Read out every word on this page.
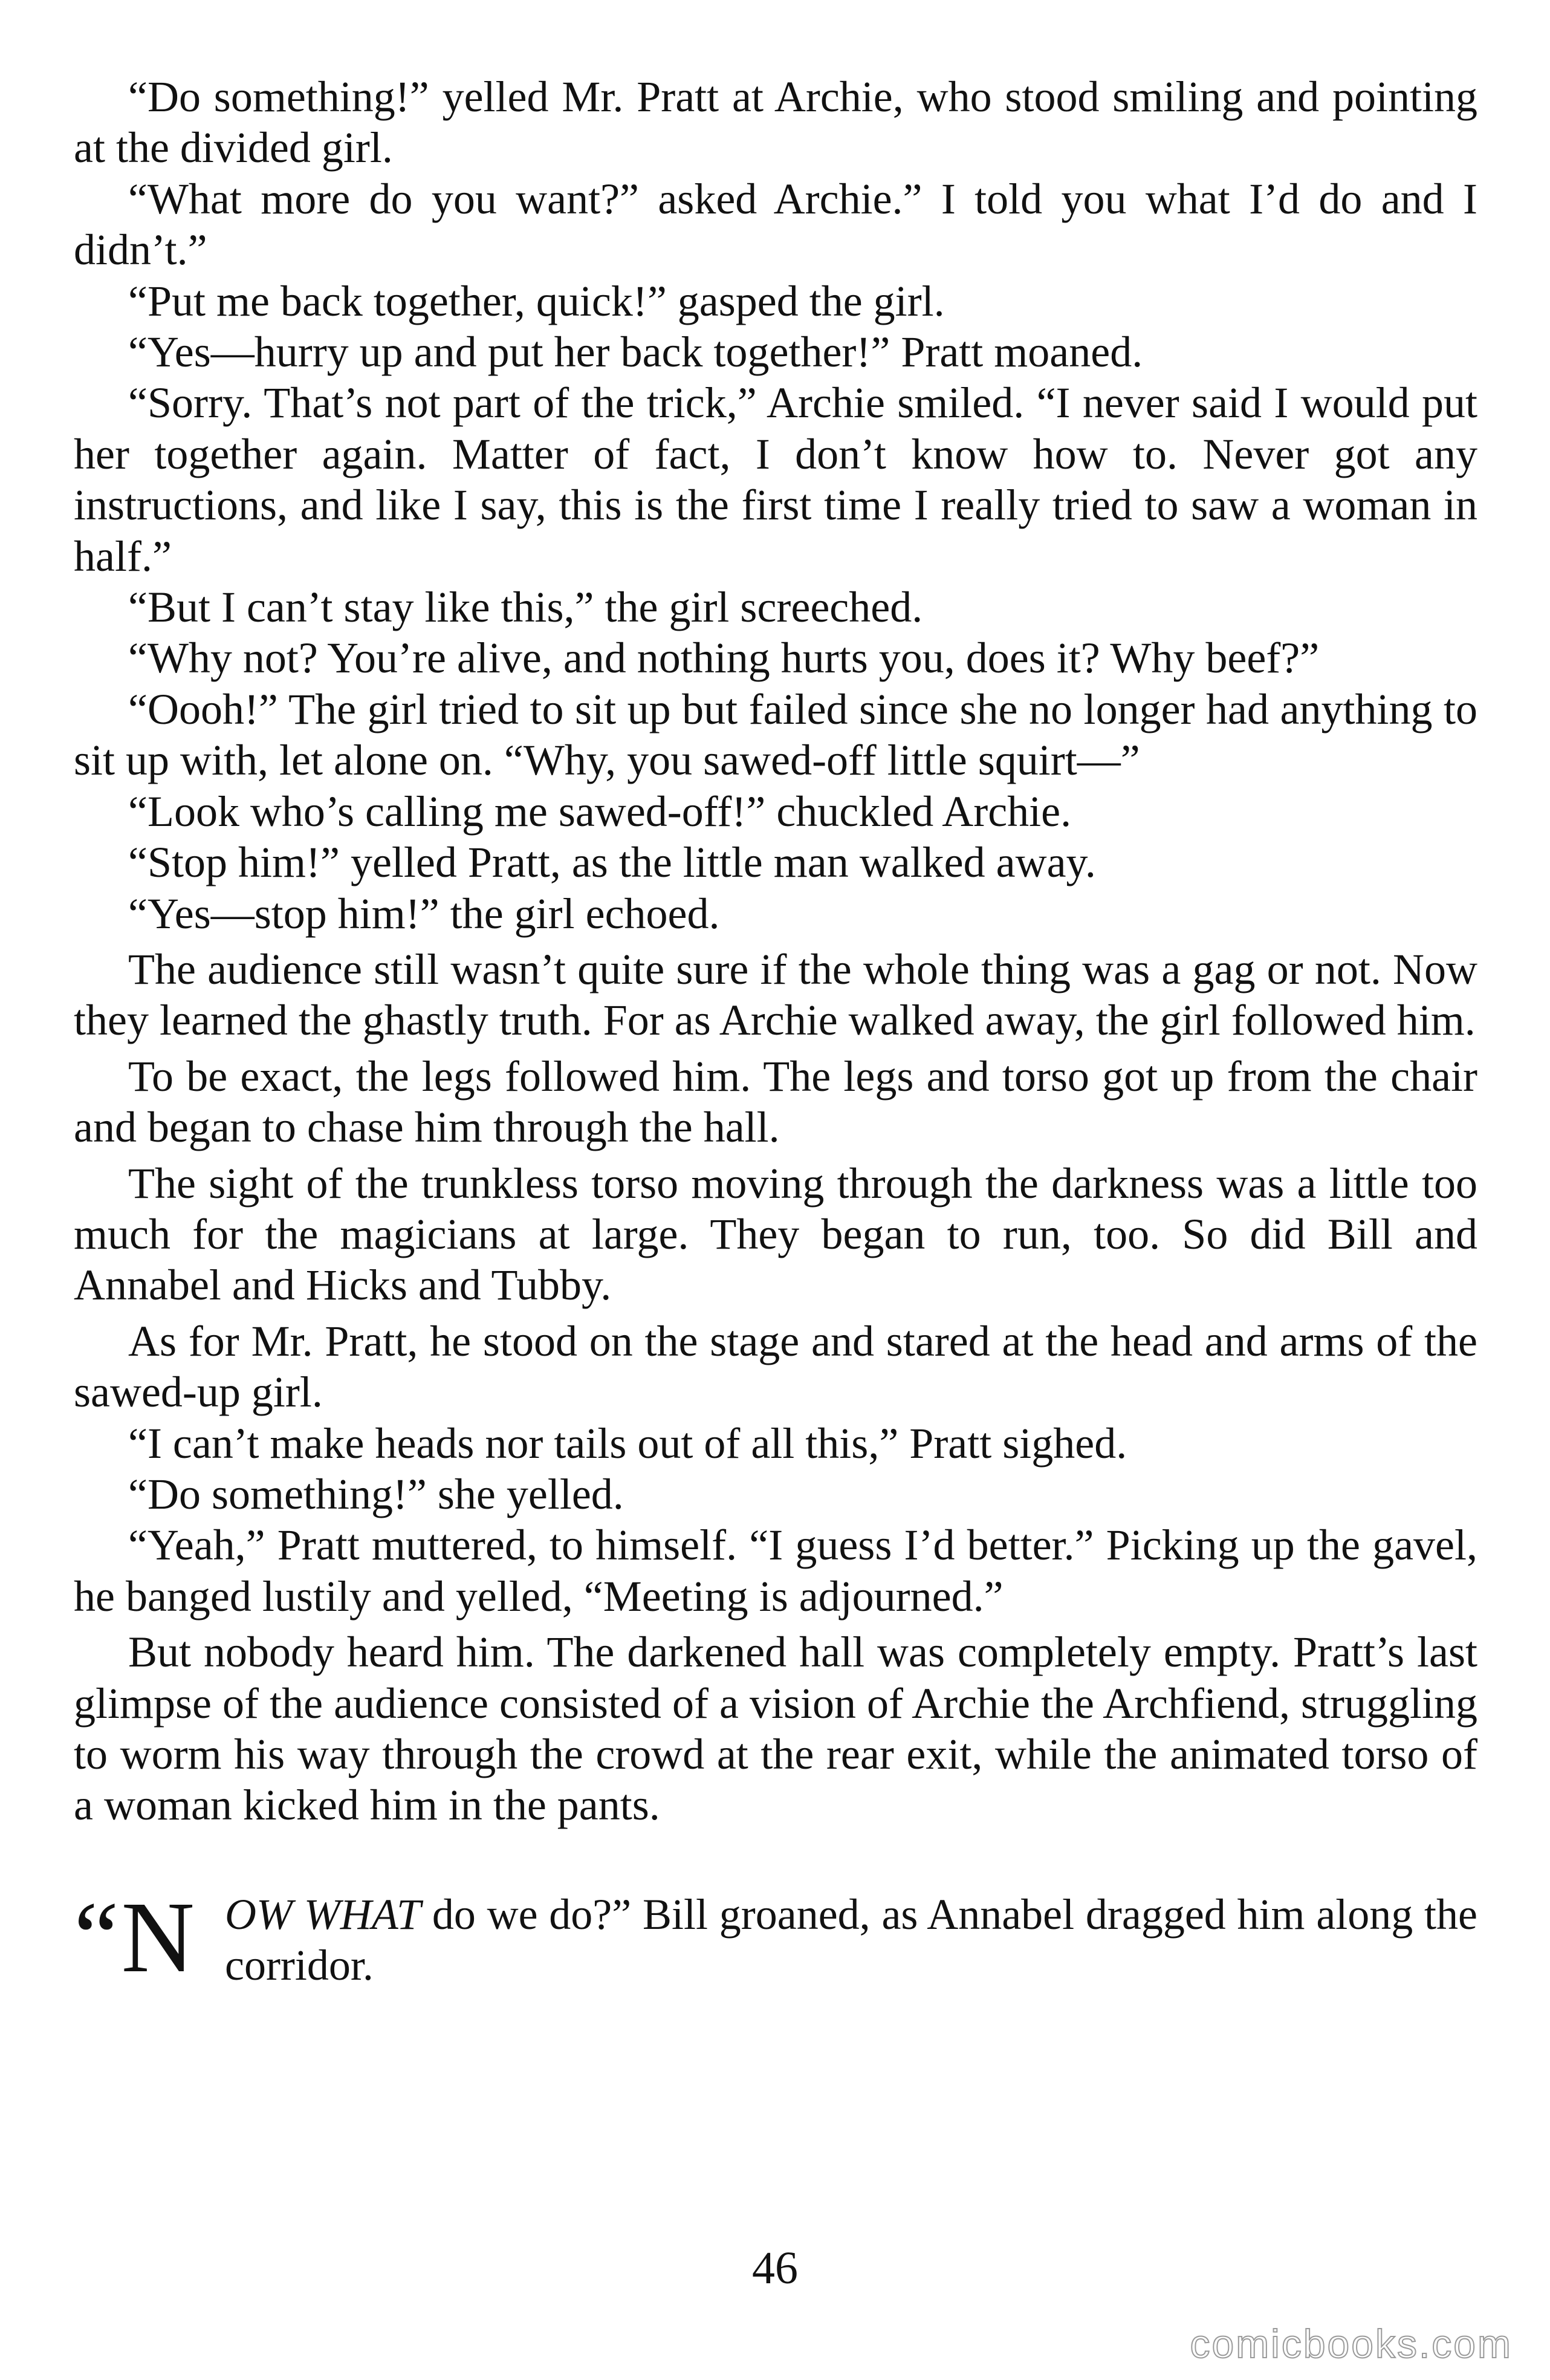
“Do something!” yelled Mr. Pratt at Archie, who stood smiling and pointing at the divided girl.

“What more do you want?” asked Archie.” I told you what I’d do and I didn’t.”

“Put me back together, quick!” gasped the girl.

“Yes—hurry up and put her back together!” Pratt moaned.

“Sorry. That’s not part of the trick,” Archie smiled. “I never said I would put her together again. Matter of fact, I don’t know how to. Never got any instructions, and like I say, this is the first time I really tried to saw a woman in half.”

“But I can’t stay like this,” the girl screeched.

“Why not? You’re alive, and nothing hurts you, does it? Why beef?”

“Oooh!” The girl tried to sit up but failed since she no longer had anything to sit up with, let alone on. “Why, you sawed-off little squirt—”

“Look who’s calling me sawed-off!” chuckled Archie.

“Stop him!” yelled Pratt, as the little man walked away.

“Yes—stop him!” the girl echoed.

The audience still wasn’t quite sure if the whole thing was a gag or not. Now they learned the ghastly truth. For as Archie walked away, the girl followed him.

To be exact, the legs followed him. The legs and torso got up from the chair and began to chase him through the hall.

The sight of the trunkless torso moving through the darkness was a little too much for the magicians at large. They began to run, too. So did Bill and Annabel and Hicks and Tubby.

As for Mr. Pratt, he stood on the stage and stared at the head and arms of the sawed-up girl.

“I can’t make heads nor tails out of all this,” Pratt sighed.

“Do something!” she yelled.

“Yeah,” Pratt muttered, to himself. “I guess I’d better.” Picking up the gavel, he banged lustily and yelled, “Meeting is adjourned.”

But nobody heard him. The darkened hall was completely empty. Pratt’s last glimpse of the audience consisted of a vision of Archie the Archfiend, struggling to worm his way through the crowd at the rear exit, while the animated torso of a woman kicked him in the pants.

“N OW WHAT do we do?” Bill groaned, as Annabel dragged him along the corridor.

46
comicbooks.com
